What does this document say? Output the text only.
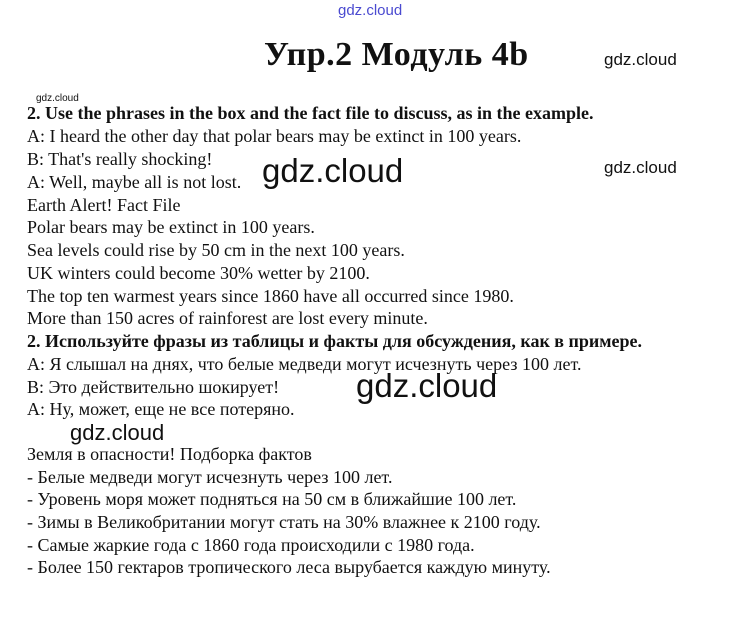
gdz.cloud
Упр.2 Модуль 4b	gdz.cloud
gdz.cloud
2. Use the phrases in the box and the fact file to discuss, as in the example.
A: I heard the other day that polar bears may be extinct in 100 years.
B: That's really shocking!
A: Well, maybe all is not lost. gdz.cloud	gdz.cloud
Earth Alert! Fact File
Polar bears may be extinct in 100 years.
Sea levels could rise by 50 cm in the next 100 years.
UK winters could become 30% wetter by 2100.
The top ten warmest years since 1860 have all occurred since 1980.
More than 150 acres of rainforest are lost every minute.
2. Используйте фразы из таблицы и факты для обсуждения, как в примере.
А: Я слышал на днях, что белые медведи могут исчезнуть через 100 лет.
В: Это действительно шокирует!
А: Ну, может, еще не все потеряно.
gdz.cloud
gdz.cloud
Земля в опасности! Подборка фактов
- Белые медведи могут исчезнуть через 100 лет.
- Уровень моря может подняться на 50 см в ближайшие 100 лет.
- Зимы в Великобритании могут стать на 30% влажнее к 2100 году.
- Самые жаркие года с 1860 года происходили с 1980 года.
- Более 150 гектаров тропического леса вырубается каждую минуту.
